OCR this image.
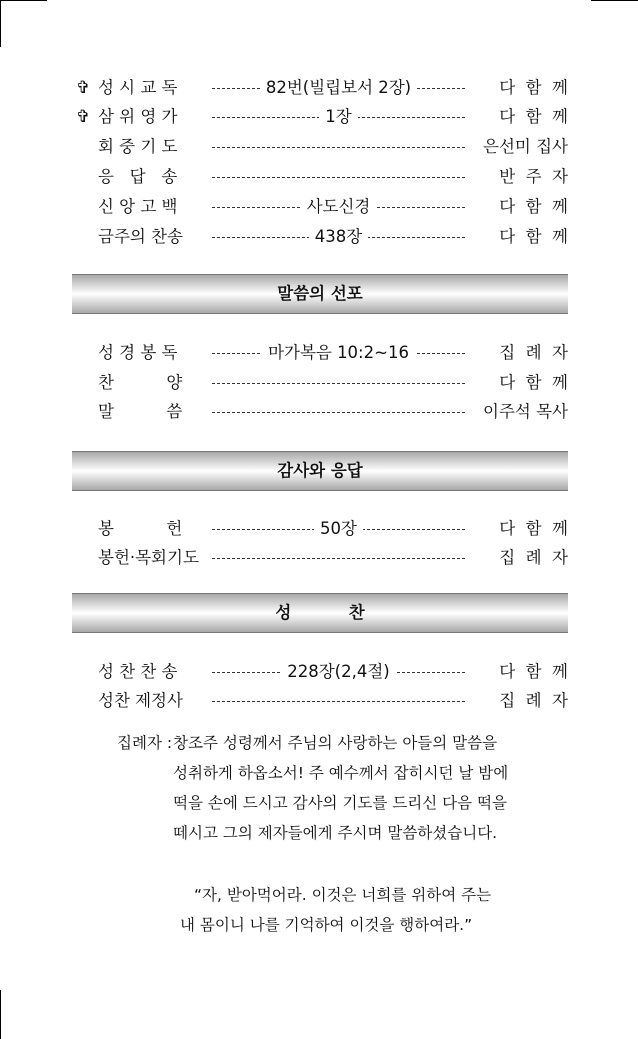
✞ 성 시 교 독	82번(빌립보서 2장)	다  함  께
✞ 삼 위 영 가	1장	다  함  께
회 중 기 도	은선미 집사
응   답   송	반  주  자
신 앙 고 백	사도신경	다  함  께
금주의 찬송	438장	다  함  께
말씀의 선포
성 경 봉 독	마가복음 10:2~16	집  례  자
찬          양	다  함  께
말          씀	이주석 목사
감사와 응답
봉          헌	50장	다  함  께
봉헌·목회기도	집  례  자
성          찬
성 찬 찬 송	228장(2,4절)	다  함  께
성찬 제정사	집  례  자
집례자 : 창조주 성령께서 주님의 사랑하는 아들의 말씀을
성취하게 하옵소서! 주 예수께서 잡히시던 날 밤에
떡을 손에 드시고 감사의 기도를 드리신 다음 떡을
떼시고 그의 제자들에게 주시며 말씀하셨습니다.
“자, 받아먹어라. 이것은 너희를 위하여 주는
내 몸이니 나를 기억하여 이것을 행하여라.”
